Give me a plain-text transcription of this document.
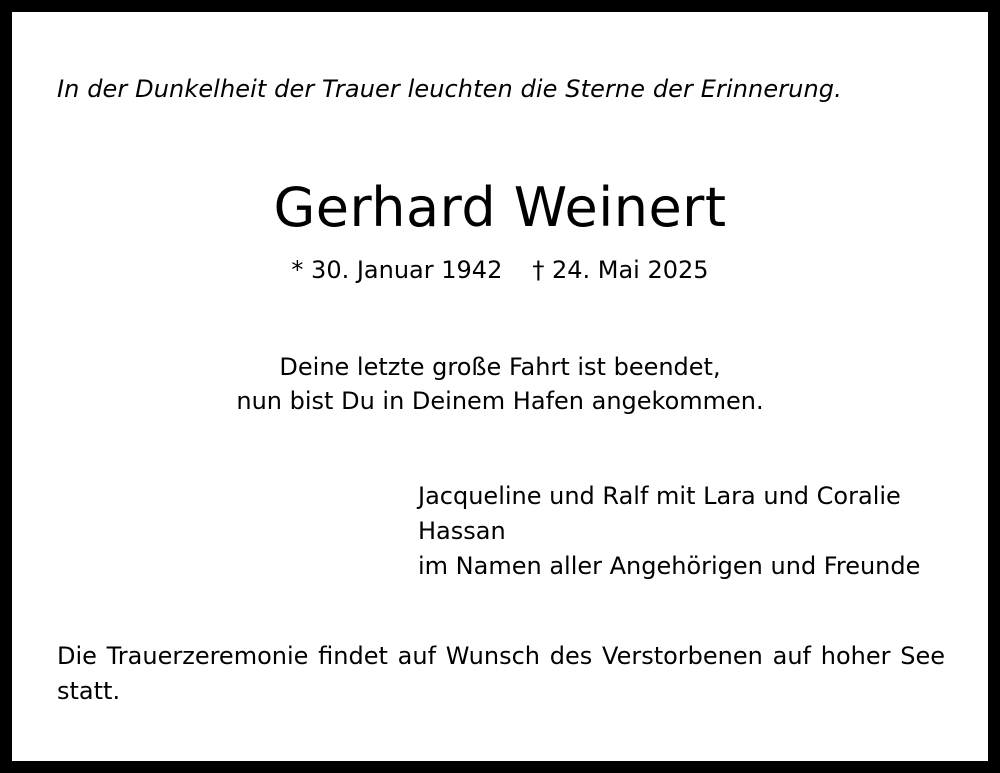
In der Dunkelheit der Trauer leuchten die Sterne der Erinnerung.
Gerhard Weinert
* 30. Januar 1942 † 24. Mai 2025
Deine letzte große Fahrt ist beendet,
nun bist Du in Deinem Hafen angekommen.
Jacqueline und Ralf mit Lara und Coralie
Hassan
im Namen aller Angehörigen und Freunde
Die Trauerzeremonie findet auf Wunsch des Verstorbenen auf hoher See statt.
